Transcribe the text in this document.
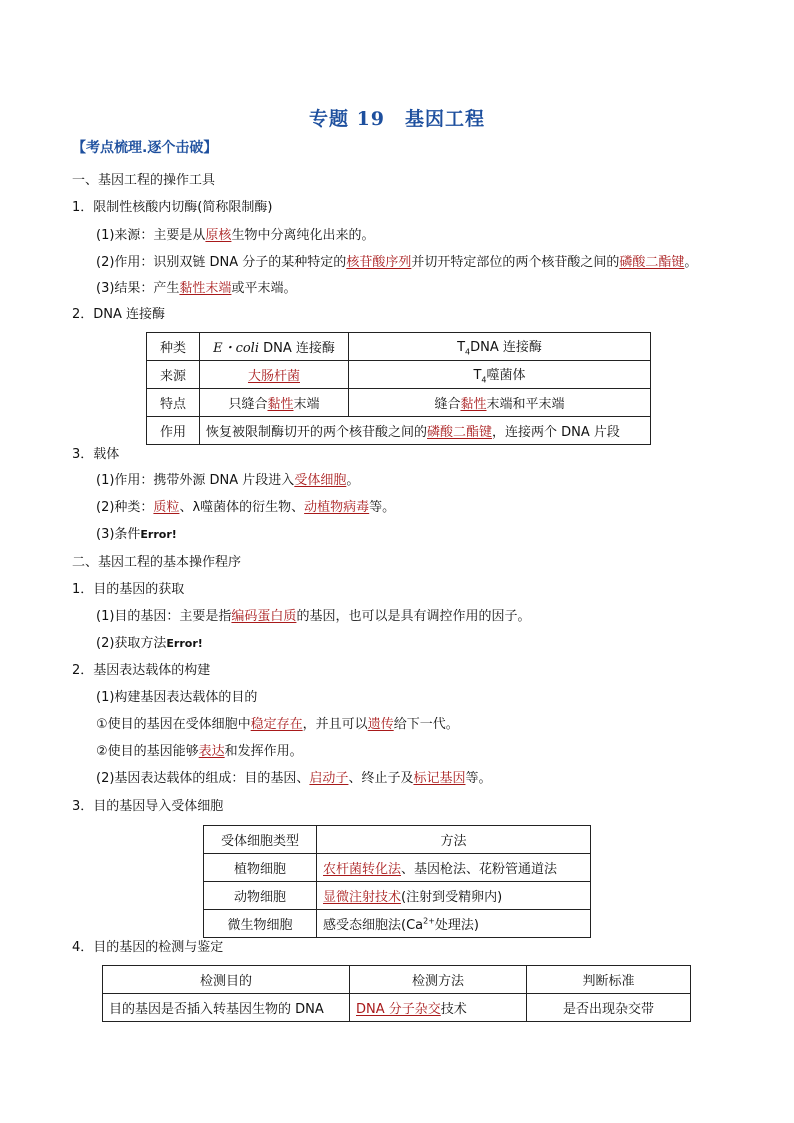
专题 19　基因工程
【考点梳理.逐个击破】
一、基因工程的操作工具
1．限制性核酸内切酶(简称限制酶)
(1)来源：主要是从原核生物中分离纯化出来的。
(2)作用：识别双链 DNA 分子的某种特定的核苷酸序列并切开特定部位的两个核苷酸之间的磷酸二酯键。
(3)结果：产生黏性末端或平末端。
2．DNA 连接酶
种类	E・coli DNA 连接酶	$T_4DNA$ 连接酶
来源	大肠杆菌	$T_4$噬菌体
特点	只缝合黏性末端	缝合黏性末端和平末端
作用	恢复被限制酶切开的两个核苷酸之间的磷酸二酯键，连接两个 DNA 片段	
3．载体
(1)作用：携带外源 DNA 片段进入受体细胞。
(2)种类：质粒、λ噬菌体的衍生物、动植物病毒等。
(3)条件Error!
二、基因工程的基本操作程序
1．目的基因的获取
(1)目的基因：主要是指编码蛋白质的基因，也可以是具有调控作用的因子。
(2)获取方法Error!
2．基因表达载体的构建
(1)构建基因表达载体的目的
①使目的基因在受体细胞中稳定存在，并且可以遗传给下一代。
②使目的基因能够表达和发挥作用。
(2)基因表达载体的组成：目的基因、启动子、终止子及标记基因等。
3．目的基因导入受体细胞
受体细胞类型	方法
植物细胞	农杆菌转化法、基因枪法、花粉管通道法
动物细胞	显微注射技术(注射到受精卵内)
微生物细胞	感受态细胞法($Ca^{2+}$处理法)
4．目的基因的检测与鉴定
检测目的	检测方法	判断标准
目的基因是否插入转基因生物的 DNA	DNA 分子杂交技术	是否出现杂交带
